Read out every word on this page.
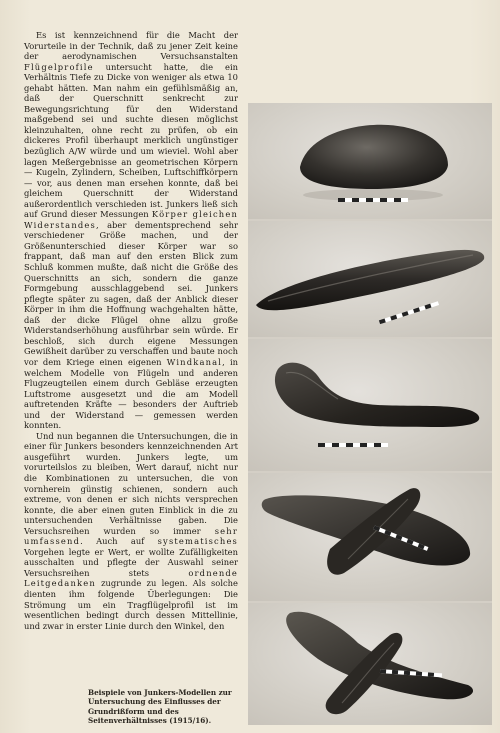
Es ist kennzeichnend für die Macht der Vorurteile in der Technik, daß zu jener Zeit keine der aerodynamischen Versuchsanstalten Flügelprofile untersucht hatte, die ein Verhältnis Tiefe zu Dicke von weniger als etwa 10 gehabt hätten. Man nahm ein gefühlsmäßig an, daß der Querschnitt senkrecht zur Bewegungsrichtung für den Widerstand maßgebend sei und suchte diesen möglichst kleinzuhalten, ohne recht zu prüfen, ob ein dickeres Profil überhaupt merklich ungünstiger bezüglich A/W würde und um wieviel. Wohl aber lagen Meßergebnisse an geometrischen Körpern — Kugeln, Zylindern, Scheiben, Luftschiffkörpern — vor, aus denen man ersehen konnte, daß bei gleichem Querschnitt der Widerstand außerordentlich verschieden ist. Junkers ließ sich auf Grund dieser Messungen Körper gleichen Widerstandes, aber dementsprechend sehr verschiedener Größe machen, und der Größenunterschied dieser Körper war so frappant, daß man auf den ersten Blick zum Schluß kommen mußte, daß nicht die Größe des Querschnitts an sich, sondern die ganze Formgebung ausschlaggebend sei. Junkers pflegte später zu sagen, daß der Anblick dieser Körper in ihm die Hoffnung wachgehalten hätte, daß der dicke Flügel ohne allzu große Widerstandserhöhung ausführbar sein würde. Er beschloß, sich durch eigene Messungen Gewißheit darüber zu verschaffen und baute noch vor dem Kriege einen eigenen Windkanal, in welchem Modelle von Flügeln und anderen Flugzeugteilen einem durch Gebläse erzeugten Luftstrome ausgesetzt und die am Modell auftretenden Kräfte — besonders der Auftrieb und der Widerstand — gemessen werden konnten.

Und nun begannen die Untersuchungen, die in einer für Junkers besonders kennzeichnenden Art ausgeführt wurden. Junkers legte, um vorurteilslos zu bleiben, Wert darauf, nicht nur die Kombinationen zu untersuchen, die von vornherein günstig schienen, sondern auch extreme, von denen er sich nichts versprechen konnte, die aber einen guten Einblick in die zu untersuchenden Verhältnisse gaben. Die Versuchsreihen wurden so immer sehr umfassend. Auch auf systematisches Vorgehen legte er Wert, er wollte Zufälligkeiten ausschalten und pflegte der Auswahl seiner Versuchsreihen stets ordnende Leitgedanken zugrunde zu legen. Als solche dienten ihm folgende Überlegungen: Die Strömung um ein Tragflügelprofil ist im wesentlichen bedingt durch dessen Mittellinie, und zwar in erster Linie durch den Winkel, den

Beispiele von Junkers-Modellen zur Untersuchung des Einflusses der Grundrißform und des Seitenverhältnisses (1915/16).
